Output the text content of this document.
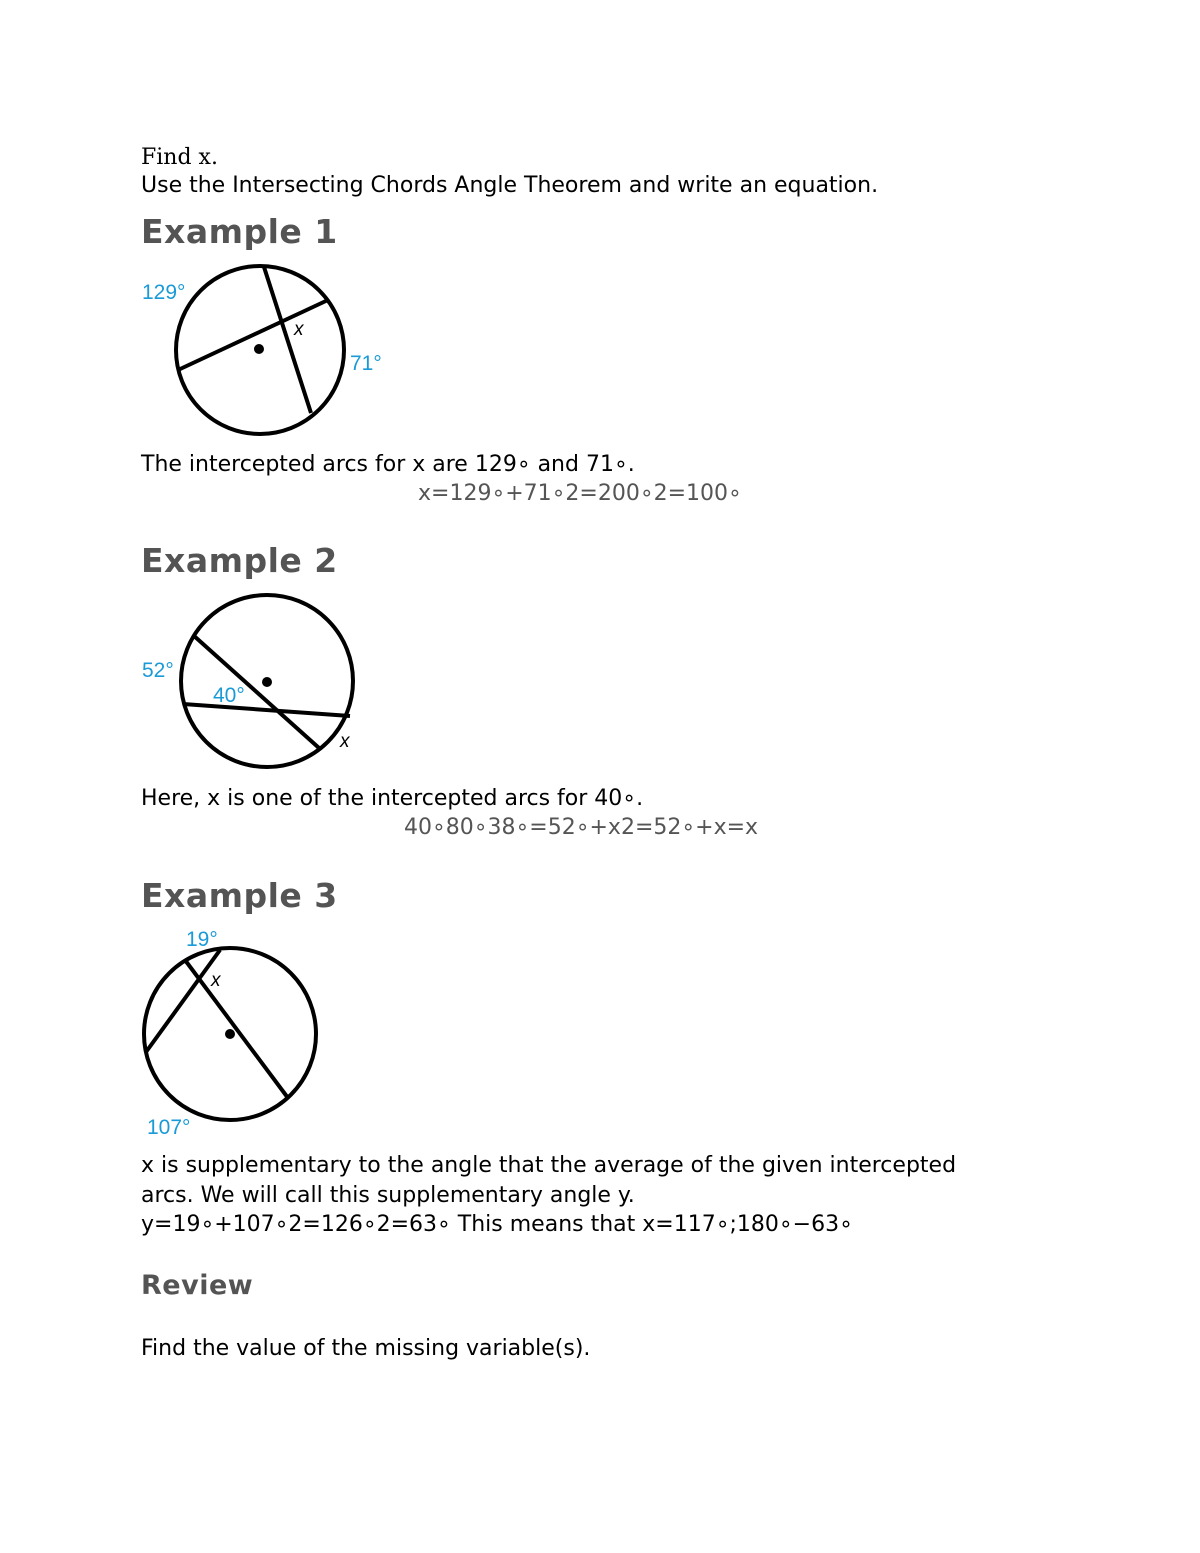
Find x.
Use the Intersecting Chords Angle Theorem and write an equation.
Example 1
129°
71°
x
The intercepted arcs for x are 129∘ and 71∘.
x=129∘+71∘2=200∘2=100∘
Example 2
52°
40°
x
Here, x is one of the intercepted arcs for 40∘.
40∘80∘38∘=52∘+x2=52∘+x=x
Example 3
19°
x
107°
x is supplementary to the angle that the average of the given intercepted
arcs. We will call this supplementary angle y.
y=19∘+107∘2=126∘2=63∘ This means that x=117∘;180∘−63∘
Review
Find the value of the missing variable(s).
